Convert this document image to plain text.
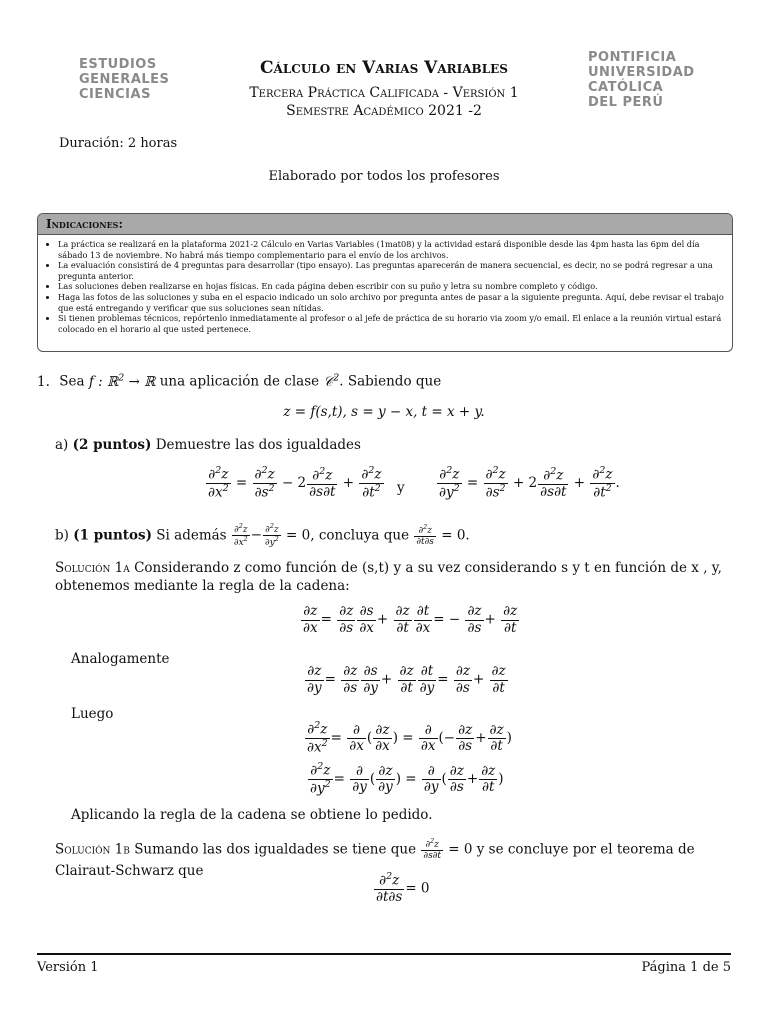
ESTUDIOS
GENERALES
CIENCIAS
PONTIFICIA
UNIVERSIDAD
CATÓLICA
DEL PERÚ
Cálculo en Varias Variables
Tercera Práctica Calificada - Versión 1
Semestre Académico 2021 -2
Duración: 2 horas
Elaborado por todos los profesores
Indicaciones:
• La práctica se realizará en la plataforma 2021-2 Cálculo en Varias Variables (1mat08) y la actividad estará disponible desde las 4pm hasta las 6pm del día sábado 13 de noviembre. No habrá más tiempo complementario para el envío de los archivos.
• La evaluación consistirá de 4 preguntas para desarrollar (tipo ensayo). Las preguntas aparecerán de manera secuencial, es decir, no se podrá regresar a una pregunta anterior.
• Las soluciones deben realizarse en hojas físicas. En cada página deben escribir con su puño y letra su nombre completo y código.
• Haga las fotos de las soluciones y suba en el espacio indicado un solo archivo por pregunta antes de pasar a la siguiente pregunta. Aquí, debe revisar el trabajo que está entregando y verificar que sus soluciones sean nítidas.
• Si tienen problemas técnicos, repórtenlo inmediatamente al profesor o al jefe de práctica de su horario via zoom y/o email. El enlace a la reunión virtual estará colocado en el horario al que usted pertenece.
1. Sea f : ℝ$^2$ → ℝ una aplicación de clase 𝒞$^2$. Sabiendo que
z = f(s,t), s = y − x, t = x + y.
a) (2 puntos) Demuestre las dos igualdades
$\frac{\partial^2z}{\partial x^2} = \frac{\partial^2z}{\partial s^2} - 2 \frac{\partial^2z}{\partial s\partial t} + \frac{\partial^2z}{\partial t^2}$ y $\frac{\partial^2z}{\partial y^2} = \frac{\partial^2z}{\partial s^2} + 2 \frac{\partial^2z}{\partial s\partial t} + \frac{\partial^2z}{\partial t^2}$ .
b) (1 puntos) Si además $\frac{\partial^2z}{\partial x^2} - \frac{\partial^2z}{\partial y^2} = 0$, concluya que $\frac{\partial^2z}{\partial t\partial s} = 0$.
Solución 1a Considerando z como función de (s,t) y a su vez considerando s y t en función de x , y, obtenemos mediante la regla de la cadena:
$\frac{\partial z}{\partial x} = \frac{\partial z}{\partial s} \frac{\partial s}{\partial x} + \frac{\partial z}{\partial t} \frac{\partial t}{\partial x}$ = − $\frac{\partial z}{\partial s} + \frac{\partial z}{\partial t}$
Analogamente
$\frac{\partial z}{\partial y} = \frac{\partial z}{\partial s} \frac{\partial s}{\partial y} + \frac{\partial z}{\partial t} \frac{\partial t}{\partial y} = \frac{\partial z}{\partial s} + \frac{\partial z}{\partial t}$
Luego
$\frac{\partial^2z}{\partial x^2} = \frac{\partial}{\partial x}$ ( $\frac{\partial z}{\partial x}$ ) = $\frac{\partial}{\partial x}$ (− $\frac{\partial z}{\partial s} + \frac{\partial z}{\partial t}$ )
$\frac{\partial^2z}{\partial y^2} = \frac{\partial}{\partial y}$ ( $\frac{\partial z}{\partial y}$ ) = $\frac{\partial}{\partial y}$ ( $\frac{\partial z}{\partial s} + \frac{\partial z}{\partial t}$ )
Aplicando la regla de la cadena se obtiene lo pedido.
Solución 1b Sumando las dos igualdades se tiene que $\frac{\partial^2z}{\partial s\partial t} = 0$ y se concluye por el teorema de Clairaut-Schwarz que
$\frac{\partial^2z}{\partial t\partial s} = 0$
Versión 1	Página 1 de 5
